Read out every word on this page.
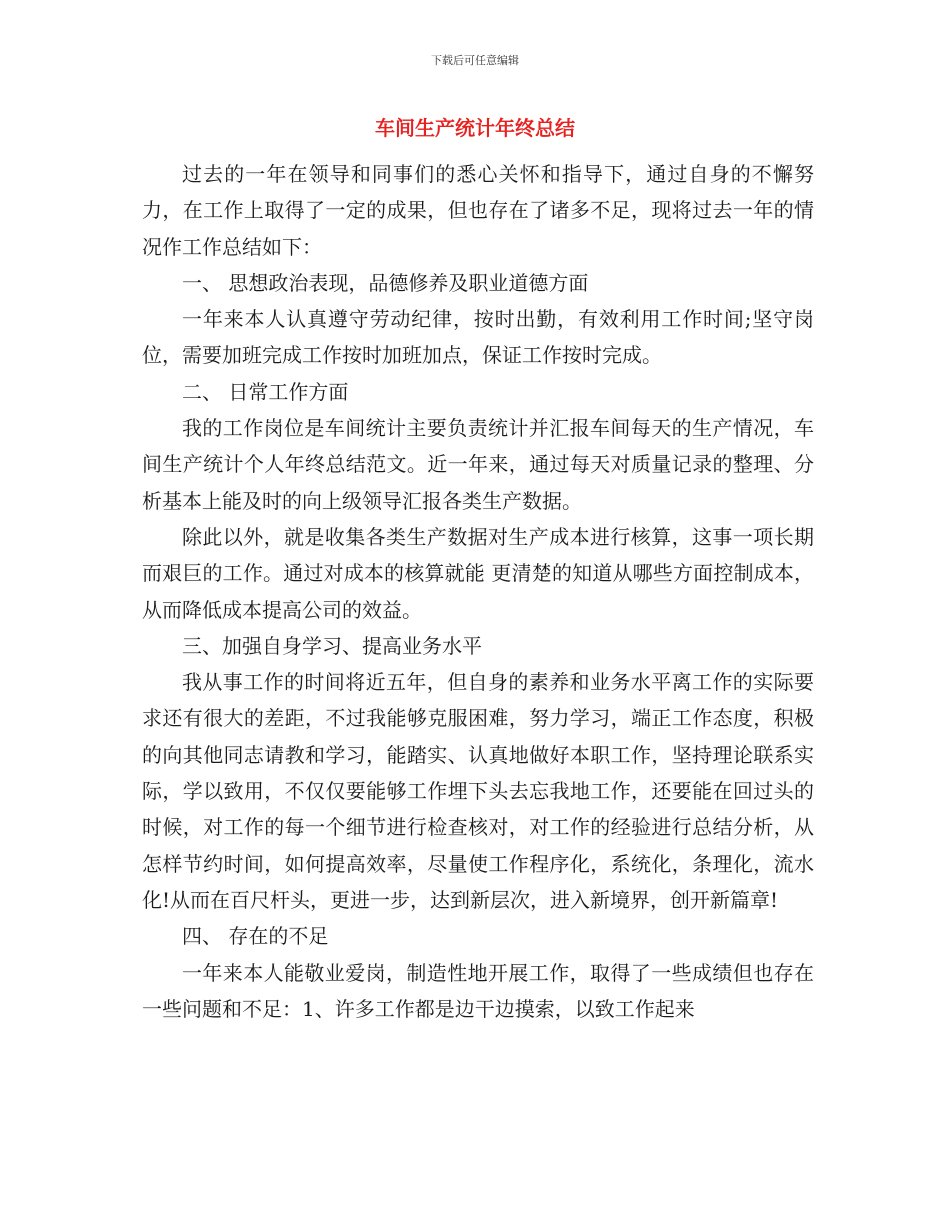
下载后可任意编辑
车间生产统计年终总结

过去的一年在领导和同事们的悉心关怀和指导下，通过自身的不懈努力，在工作上取得了一定的成果，但也存在了诸多不足，现将过去一年的情况作工作总结如下：

一、 思想政治表现，品德修养及职业道德方面

一年来本人认真遵守劳动纪律，按时出勤，有效利用工作时间;坚守岗位，需要加班完成工作按时加班加点，保证工作按时完成。

二、 日常工作方面

我的工作岗位是车间统计主要负责统计并汇报车间每天的生产情况，车间生产统计个人年终总结范文。近一年来，通过每天对质量记录的整理、分析基本上能及时的向上级领导汇报各类生产数据。

除此以外，就是收集各类生产数据对生产成本进行核算，这事一项长期而艰巨的工作。通过对成本的核算就能 更清楚的知道从哪些方面控制成本，从而降低成本提高公司的效益。

三、加强自身学习、提高业务水平

我从事工作的时间将近五年，但自身的素养和业务水平离工作的实际要求还有很大的差距，不过我能够克服困难，努力学习，端正工作态度，积极的向其他同志请教和学习，能踏实、认真地做好本职工作，坚持理论联系实际，学以致用，不仅仅要能够工作埋下头去忘我地工作，还要能在回过头的时候，对工作的每一个细节进行检查核对，对工作的经验进行总结分析，从怎样节约时间，如何提高效率，尽量使工作程序化，系统化，条理化，流水化!从而在百尺杆头，更进一步，达到新层次，进入新境界，创开新篇章!

四、 存在的不足

一年来本人能敬业爱岗，制造性地开展工作，取得了一些成绩但也存在一些问题和不足：1、许多工作都是边干边摸索，以致工作起来
